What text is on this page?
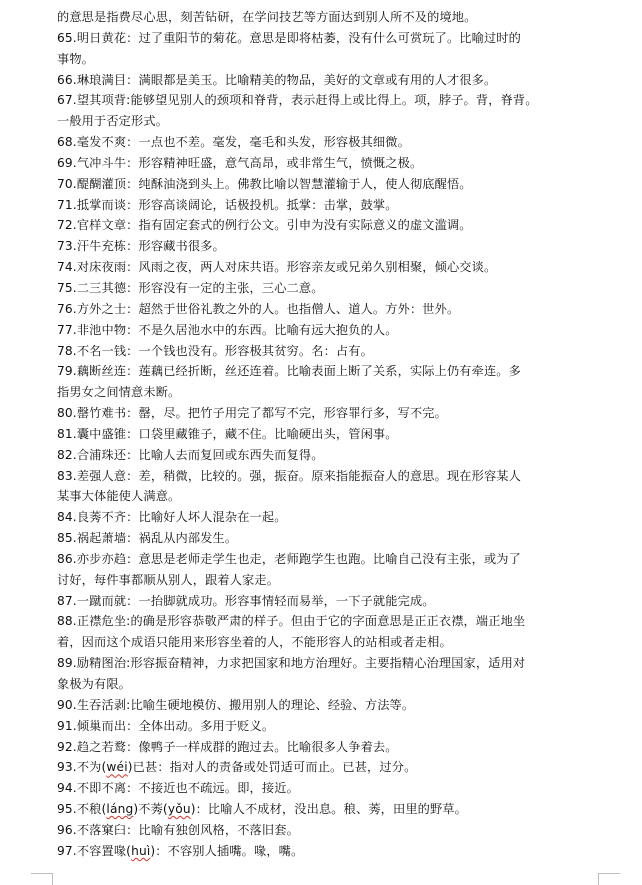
的意思是指费尽心思，刻苦钻研，在学问技艺等方面达到别人所不及的境地。
65.明日黄花：过了重阳节的菊花。意思是即将枯萎，没有什么可赏玩了。比喻过时的
事物。
66.琳琅满目：满眼都是美玉。比喻精美的物品，美好的文章或有用的人才很多。
67.望其项背:能够望见别人的颈项和脊背，表示赶得上或比得上。项，脖子。背，脊背。
一般用于否定形式。
68.毫发不爽：一点也不差。毫发，毫毛和头发，形容极其细微。
69.气冲斗牛：形容精神旺盛，意气高昂，或非常生气，愤慨之极。
70.醍醐灌顶：纯酥油浇到头上。佛教比喻以智慧灌输于人，使人彻底醒悟。
71.抵掌而谈：形容高谈阔论，话极投机。抵掌：击掌，鼓掌。
72.官样文章：指有固定套式的例行公文。引申为没有实际意义的虚文滥调。
73.汗牛充栋：形容藏书很多。
74.对床夜雨：风雨之夜，两人对床共语。形容亲友或兄弟久别相聚，倾心交谈。
75.二三其德：形容没有一定的主张，三心二意。
76.方外之士：超然于世俗礼教之外的人。也指僧人、道人。方外：世外。
77.非池中物：不是久居池水中的东西。比喻有远大抱负的人。
78.不名一钱：一个钱也没有。形容极其贫穷。名：占有。
79.藕断丝连：莲藕已经折断，丝还连着。比喻表面上断了关系，实际上仍有牵连。多
指男女之间情意未断。
80.罄竹难书：罄，尽。把竹子用完了都写不完，形容罪行多，写不完。
81.囊中盛锥：口袋里藏锥子，藏不住。比喻硬出头，管闲事。
82.合浦珠还：比喻人去而复回或东西失而复得。
83.差强人意：差，稍微，比较的。强，振奋。原来指能振奋人的意思。现在形容某人
某事大体能使人满意。
84.良莠不齐：比喻好人坏人混杂在一起。
85.祸起萧墙：祸乱从内部发生。
86.亦步亦趋：意思是老师走学生也走，老师跑学生也跑。比喻自己没有主张，或为了
讨好，每件事都顺从别人，跟着人家走。
87.一蹴而就：一抬脚就成功。形容事情轻而易举，一下子就能完成。
88.正襟危坐:的确是形容恭敬严肃的样子。但由于它的字面意思是正正衣襟，端正地坐
着，因而这个成语只能用来形容坐着的人，不能形容人的站相或者走相。
89.励精图治:形容振奋精神，力求把国家和地方治理好。主要指精心治理国家，适用对
象极为有限。
90.生吞活剥:比喻生硬地模仿、搬用别人的理论、经验、方法等。
91.倾巢而出：全体出动。多用于贬义。
92.趋之若鹜：像鸭子一样成群的跑过去。比喻很多人争着去。
93.不为(wéi)已甚：指对人的责备或处罚适可而止。已甚，过分。
94.不即不离：不接近也不疏远。即，接近。
95.不稂(láng)不莠(yǒu)：比喻人不成材，没出息。稂、莠，田里的野草。
96.不落窠臼：比喻有独创风格，不落旧套。
97.不容置喙(huì)：不容别人插嘴。喙，嘴。
